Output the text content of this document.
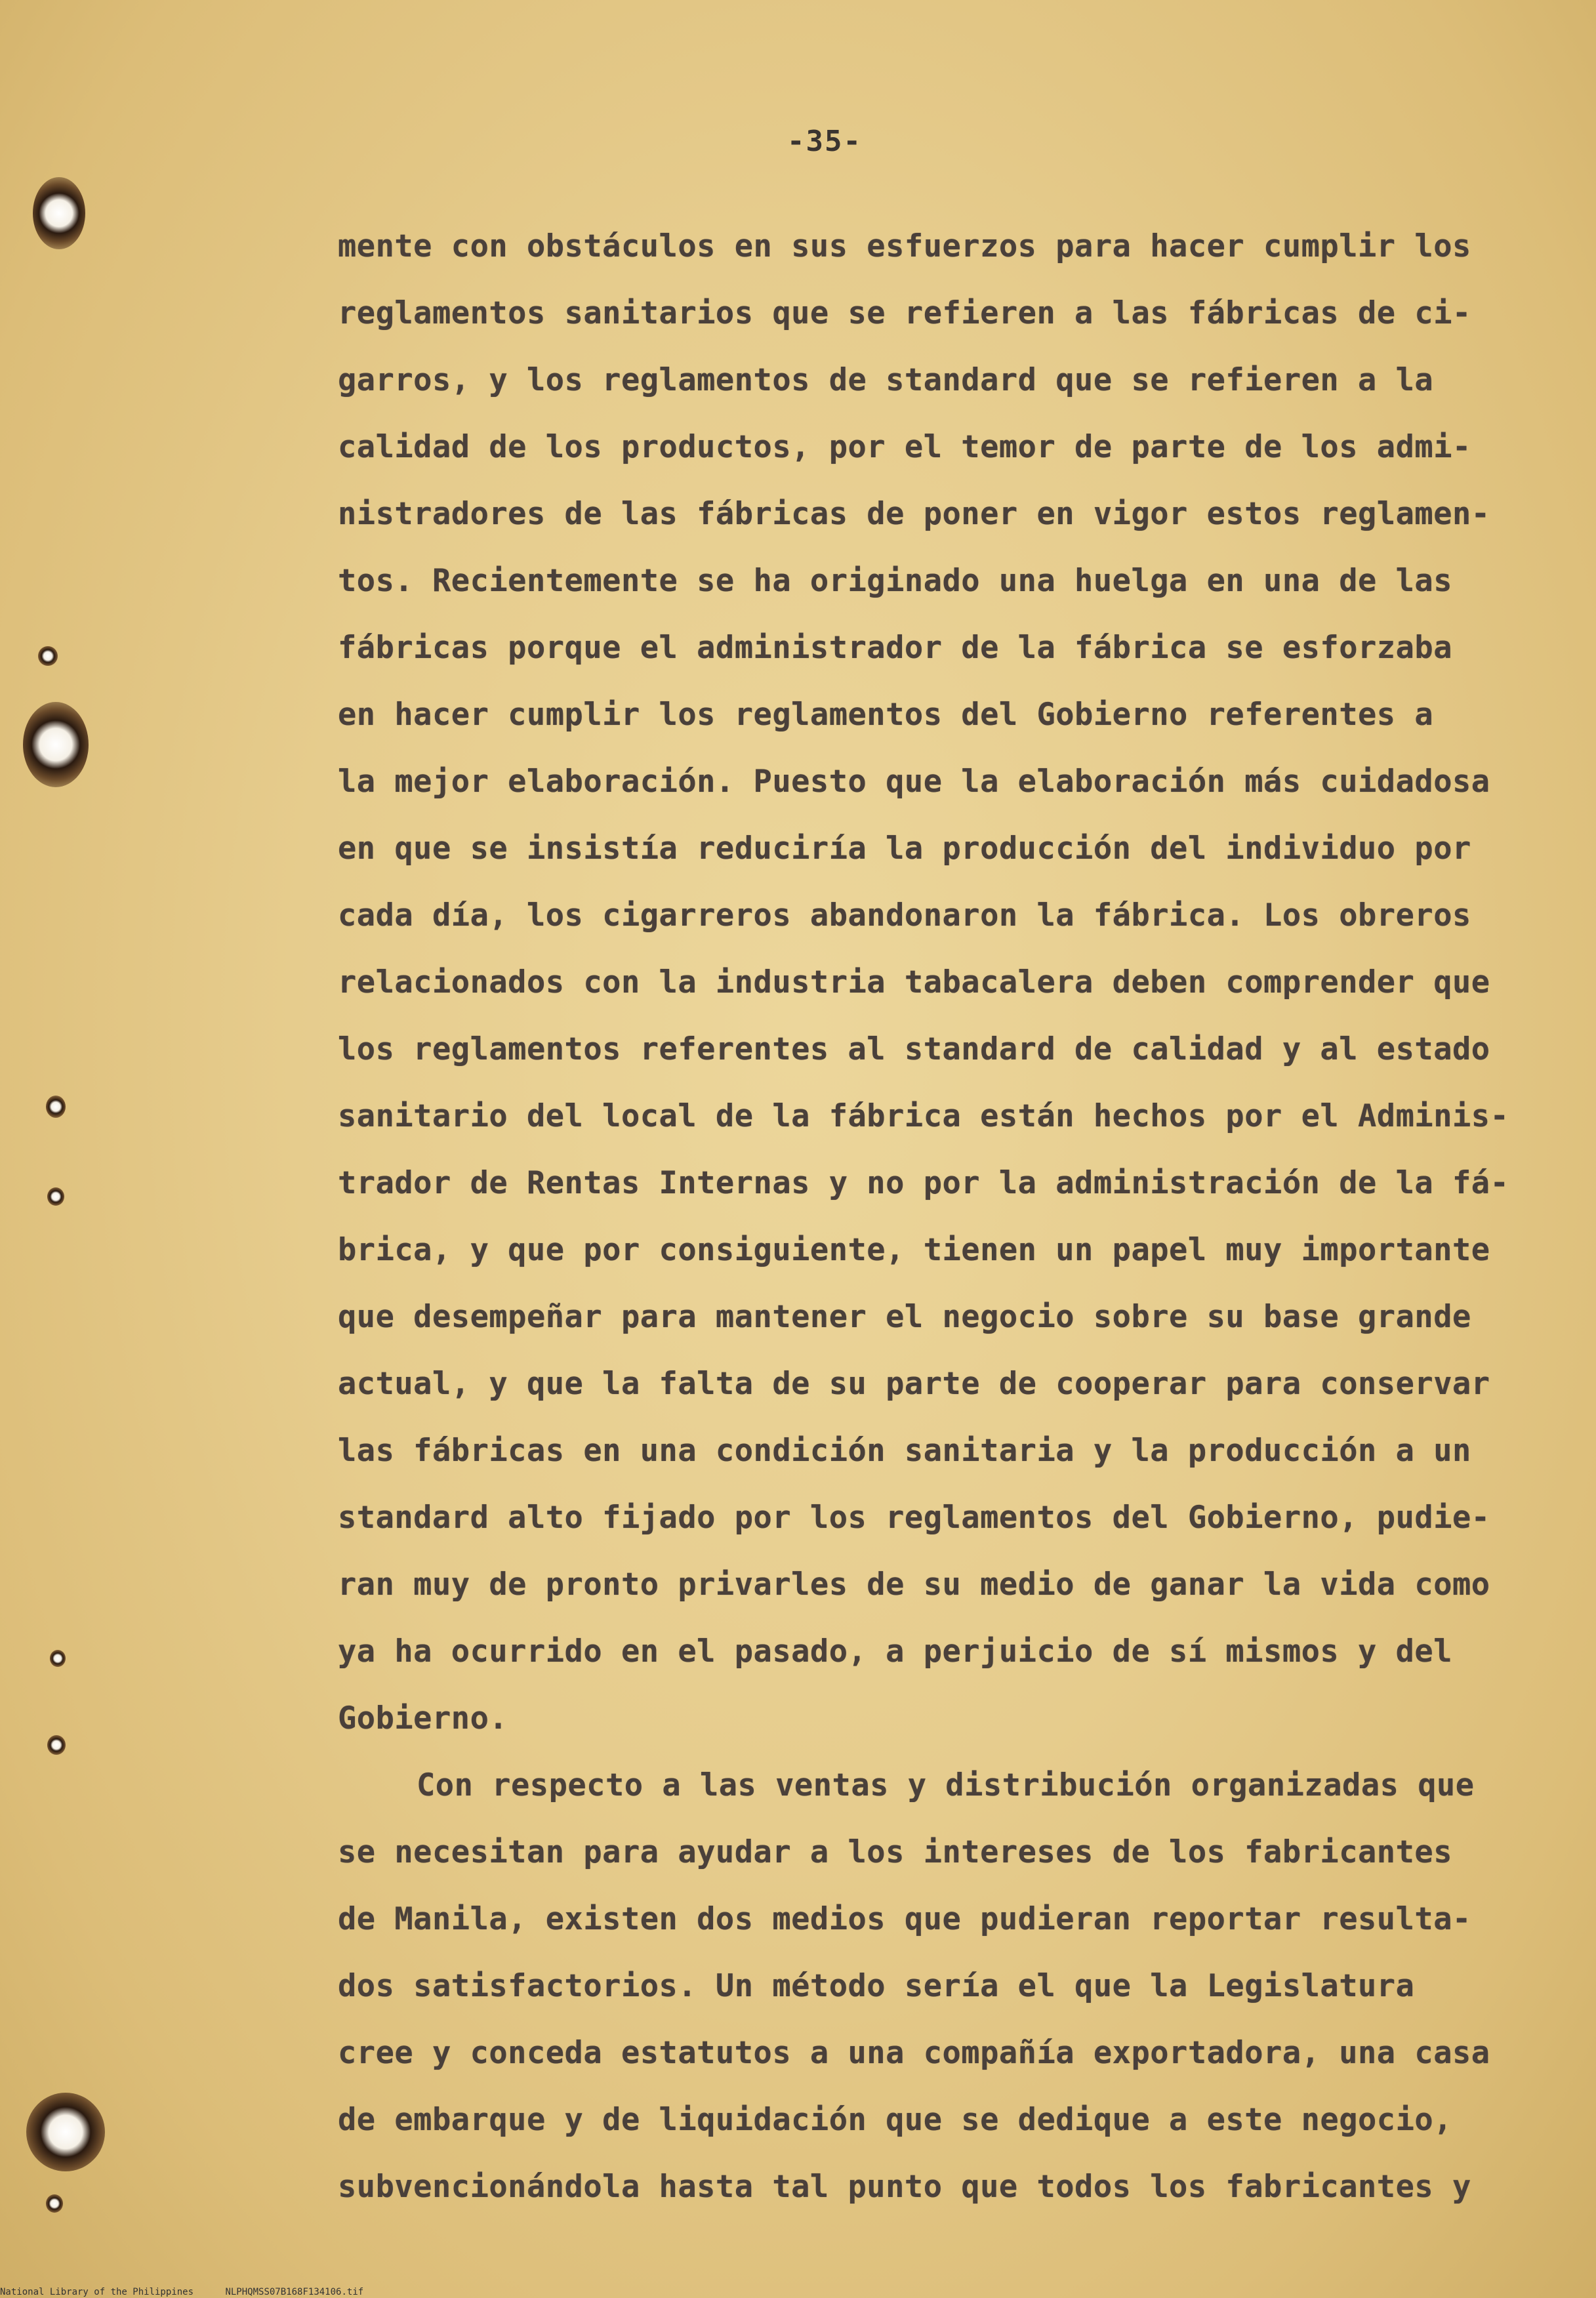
-35-
mente con obstáculos en sus esfuerzos para hacer cumplir los
reglamentos sanitarios que se refieren a las fábricas de ci-
garros, y los reglamentos de standard que se refieren a la
calidad de los productos, por el temor de parte de los admi-
nistradores de las fábricas de poner en vigor estos reglamen-
tos. Recientemente se ha originado una huelga en una de las
fábricas porque el administrador de la fábrica se esforzaba
en hacer cumplir los reglamentos del Gobierno referentes a
la mejor elaboración. Puesto que la elaboración más cuidadosa
en que se insistía reduciría la producción del individuo por
cada día, los cigarreros abandonaron la fábrica. Los obreros
relacionados con la industria tabacalera deben comprender que
los reglamentos referentes al standard de calidad y al estado
sanitario del local de la fábrica están hechos por el Adminis-
trador de Rentas Internas y no por la administración de la fá-
brica, y que por consiguiente, tienen un papel muy importante
que desempeñar para mantener el negocio sobre su base grande
actual, y que la falta de su parte de cooperar para conservar
las fábricas en una condición sanitaria y la producción a un
standard alto fijado por los reglamentos del Gobierno, pudie-
ran muy de pronto privarles de su medio de ganar la vida como
ya ha ocurrido en el pasado, a perjuicio de sí mismos y del
Gobierno.
Con respecto a las ventas y distribución organizadas que
se necesitan para ayudar a los intereses de los fabricantes
de Manila, existen dos medios que pudieran reportar resulta-
dos satisfactorios. Un método sería el que la Legislatura
cree y conceda estatutos a una compañía exportadora, una casa
de embarque y de liquidación que se dedique a este negocio,
subvencionándola hasta tal punto que todos los fabricantes y
National Library of the Philippines	NLPHQMSS07B168F134106.tif
